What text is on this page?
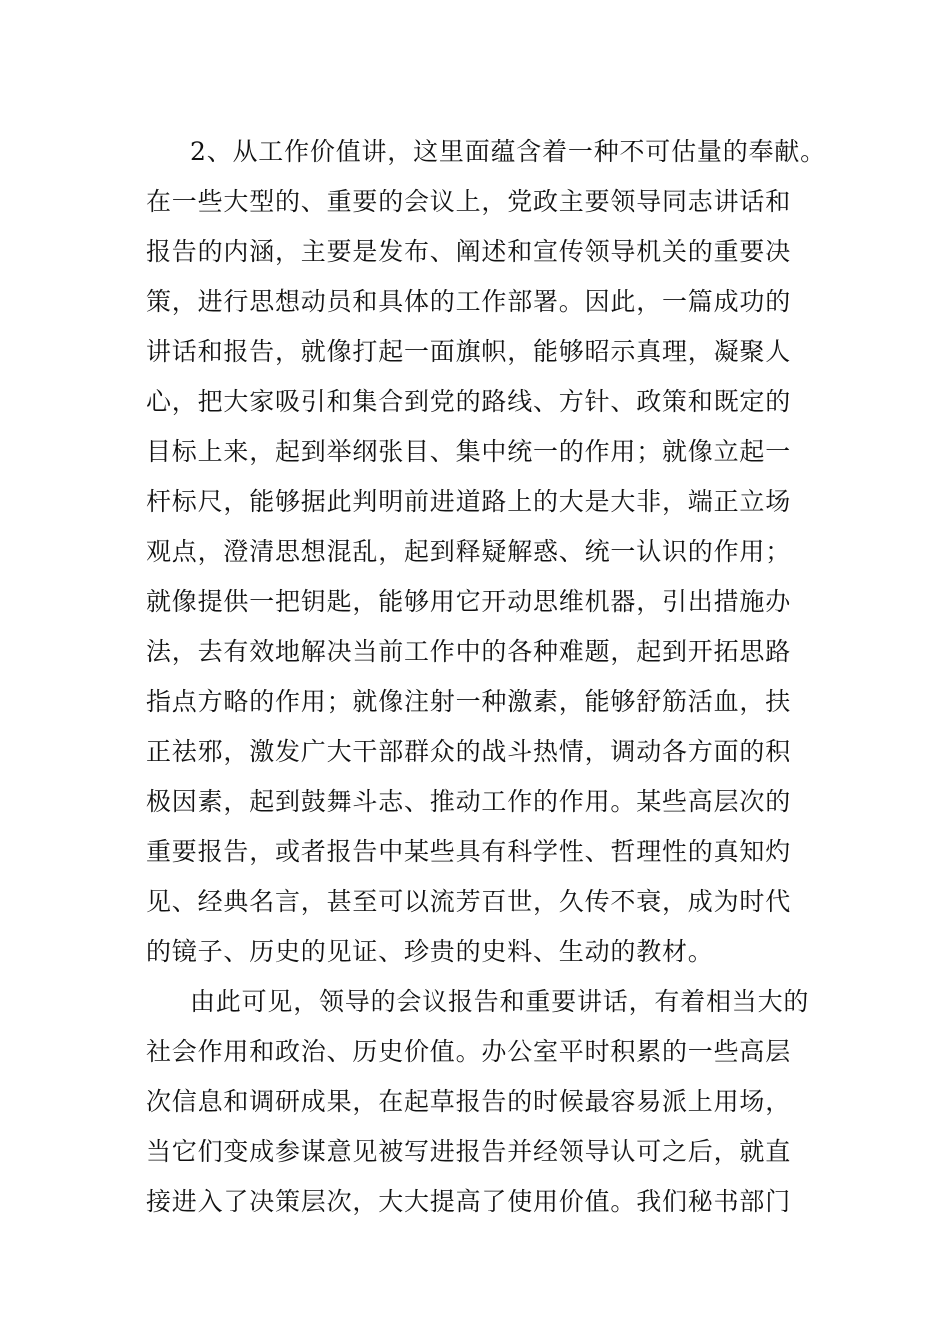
2、从工作价值讲，这里面蕴含着一种不可估量的奉献。
在一些大型的、重要的会议上，党政主要领导同志讲话和
报告的内涵，主要是发布、阐述和宣传领导机关的重要决
策，进行思想动员和具体的工作部署。因此，一篇成功的
讲话和报告，就像打起一面旗帜，能够昭示真理，凝聚人
心，把大家吸引和集合到党的路线、方针、政策和既定的
目标上来，起到举纲张目、集中统一的作用；就像立起一
杆标尺，能够据此判明前进道路上的大是大非，端正立场
观点，澄清思想混乱，起到释疑解惑、统一认识的作用；
就像提供一把钥匙，能够用它开动思维机器，引出措施办
法，去有效地解决当前工作中的各种难题，起到开拓思路
指点方略的作用；就像注射一种激素，能够舒筋活血，扶
正祛邪，激发广大干部群众的战斗热情，调动各方面的积
极因素，起到鼓舞斗志、推动工作的作用。某些高层次的
重要报告，或者报告中某些具有科学性、哲理性的真知灼
见、经典名言，甚至可以流芳百世，久传不衰，成为时代
的镜子、历史的见证、珍贵的史料、生动的教材。
由此可见，领导的会议报告和重要讲话，有着相当大的
社会作用和政治、历史价值。办公室平时积累的一些高层
次信息和调研成果，在起草报告的时候最容易派上用场，
当它们变成参谋意见被写进报告并经领导认可之后，就直
接进入了决策层次，大大提高了使用价值。我们秘书部门
